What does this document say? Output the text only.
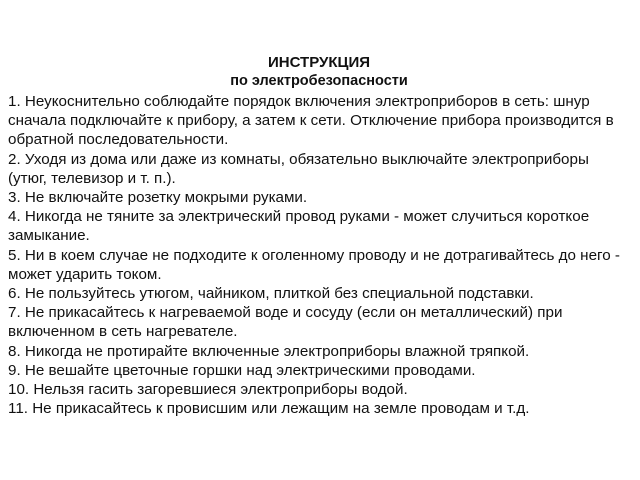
ИНСТРУКЦИЯ

по электробезопасности

1. Неукоснительно соблюдайте порядок включения электроприборов в сеть: шнур сначала подключайте к прибору, а затем к сети. Отключение прибора производится в обратной последовательности.
2. Уходя из дома или даже из комнаты, обязательно выключайте электроприборы (утюг, телевизор и т. п.).
3. Не включайте розетку мокрыми руками.
4. Никогда не тяните за электрический провод руками - может случиться короткое замыкание.
5. Ни в коем случае не подходите к оголенному проводу и не дотрагивайтесь до него - может ударить током.
6. Не пользуйтесь утюгом, чайником, плиткой без специальной подставки.
7. Не прикасайтесь к нагреваемой воде и сосуду (если он металлический) при включенном в сеть нагревателе.
8. Никогда не протирайте включенные электроприборы влажной тряпкой.
9. Не вешайте цветочные горшки над электрическими проводами.
10. Нельзя гасить загоревшиеся электроприборы водой.
11. Не прикасайтесь к провисшим или лежащим на земле проводам и т.д.
